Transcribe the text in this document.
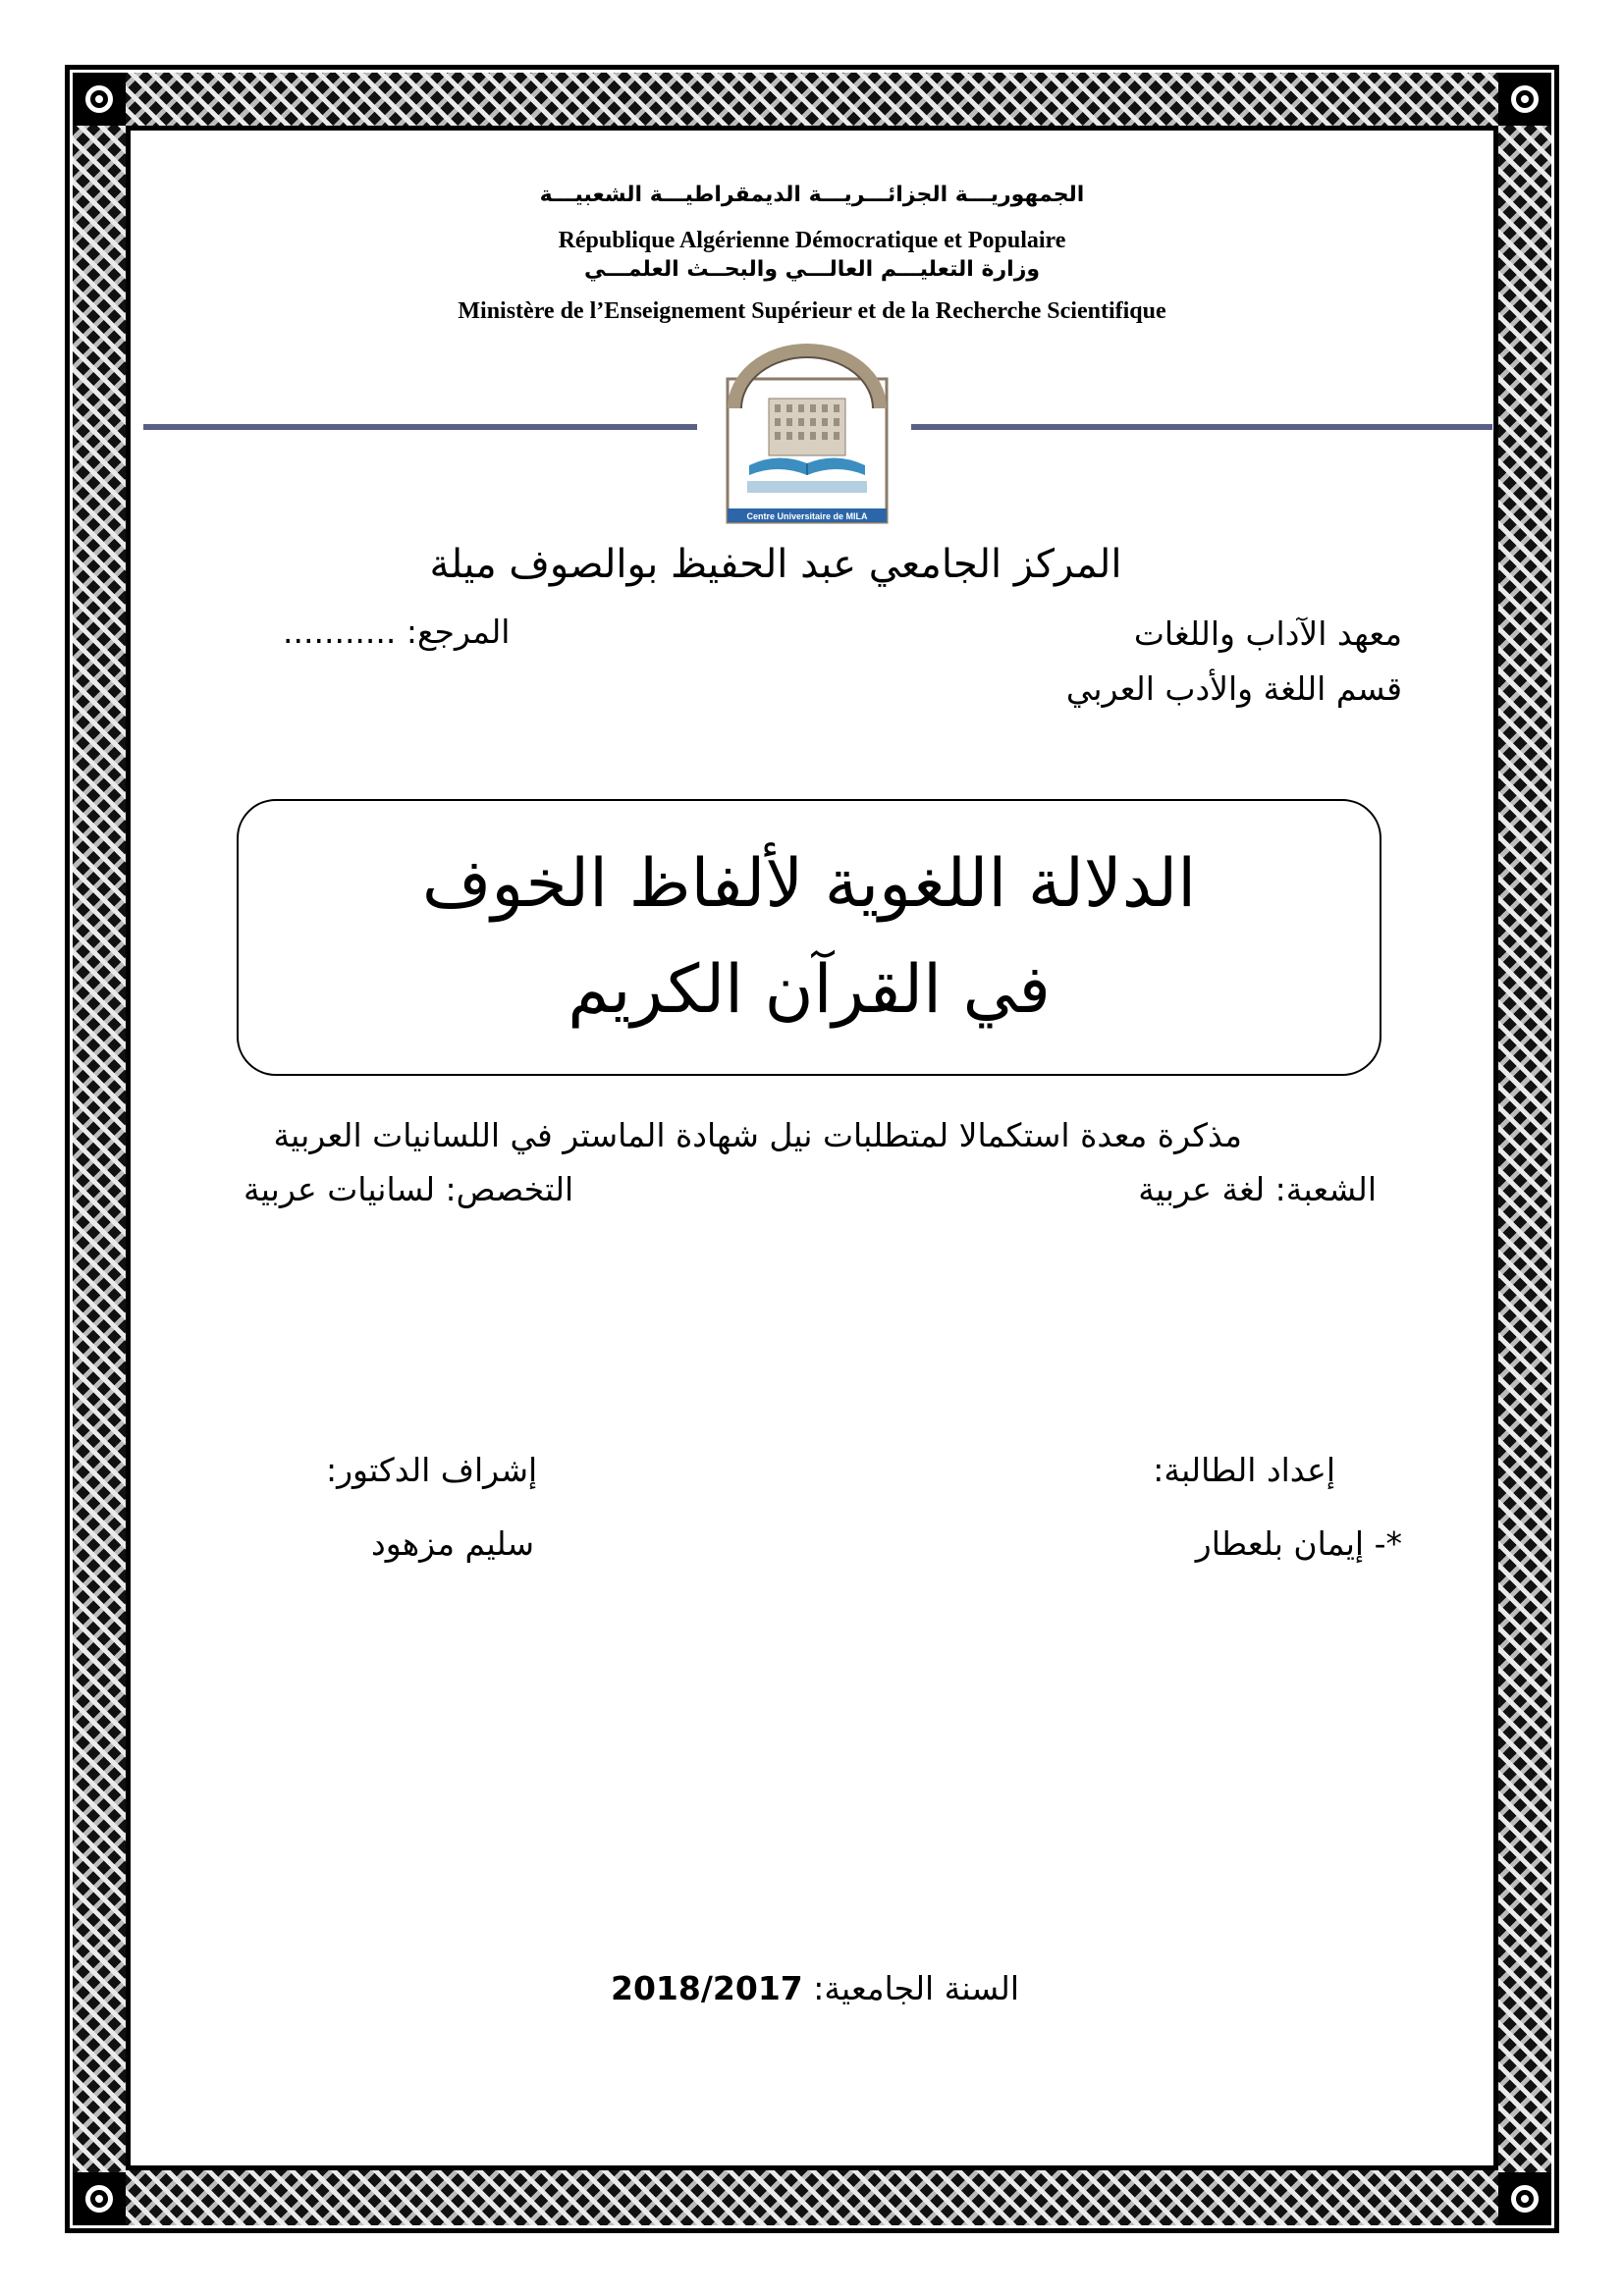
الجمهوريـــة الجزائـــريـــة الديمقراطيـــة الشعبيـــة
République Algérienne Démocratique et Populaire
وزارة التعليـــم العالـــي والبحــث العلمـــي
Ministère de l’Enseignement Supérieur et de la Recherche Scientifique
Centre Universitaire de MILA
المركز الجامعي عبد الحفيظ بوالصوف ميلة
معهد الآداب واللغات
المرجع: ...........
قسم اللغة والأدب العربي
الدلالة اللغوية لألفاظ الخوف
في القرآن الكريم
مذكرة معدة استكمالا لمتطلبات نيل شهادة الماستر في اللسانيات العربية
الشعبة: لغة عربية
التخصص: لسانيات عربية
إعداد الطالبة:
إشراف الدكتور:
*- إيمان بلعطار
سليم مزهود
السنة الجامعية: 2018/2017
